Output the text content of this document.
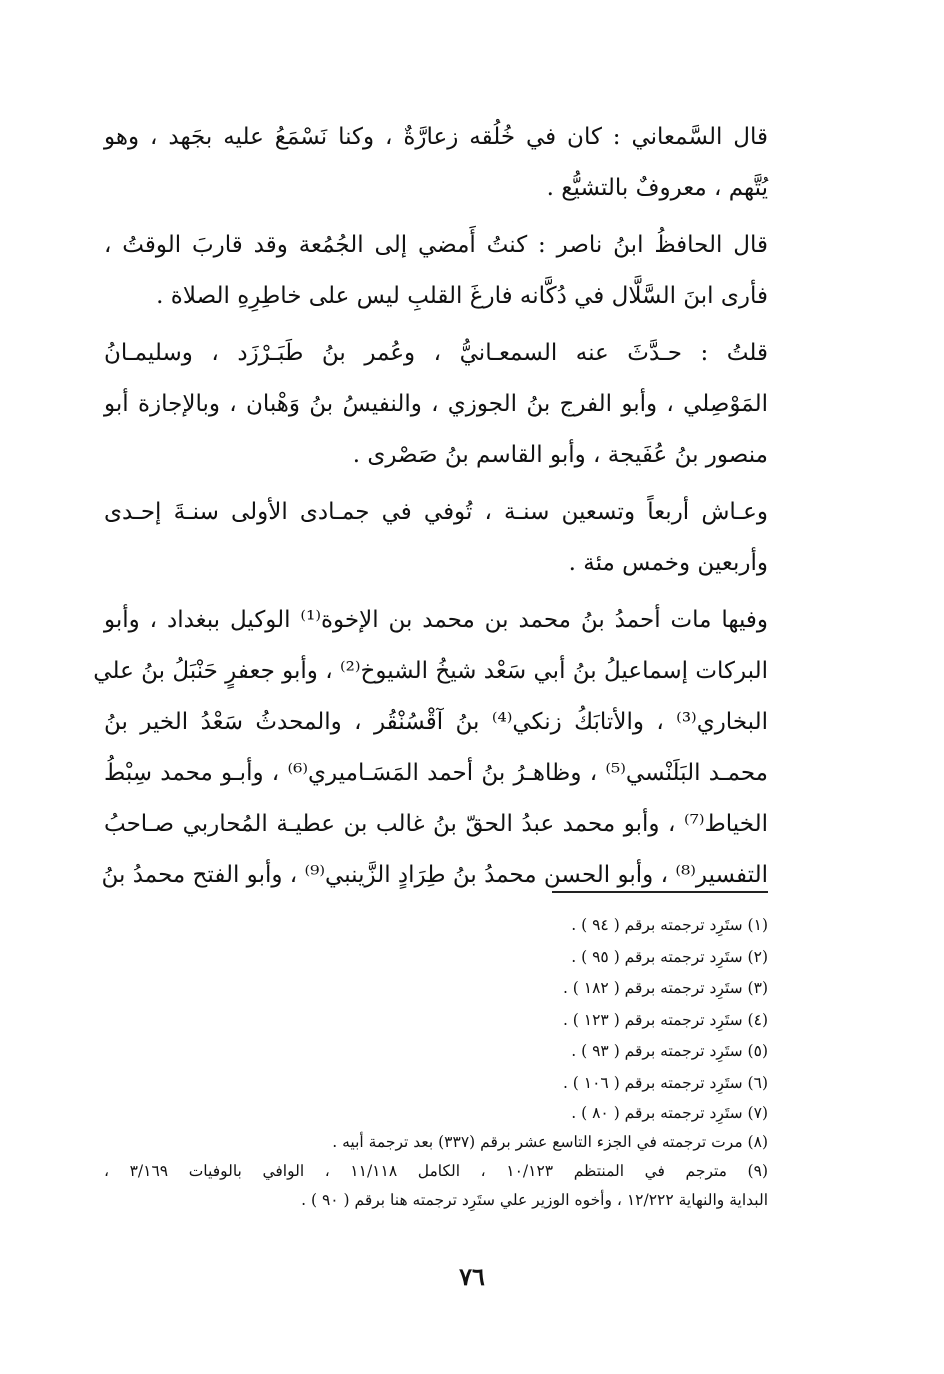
قال السَّمعاني : كان في خُلُقه زعارَّةٌ ، وكنا نَسْمَعُ عليه بجَهد ، وهو
يُتَّهم ، معروفٌ بالتشيُّع .
قال الحافظُ ابنُ ناصر : كنتُ أَمضي إلى الجُمُعة وقد قاربَ الوقتُ ،
فأرى ابنَ السَّلَّال في دُكَّانه فارغَ القلبِ ليس على خاطِرِهِ الصلاة .
قلتُ : حـدَّثَ عنه السمعـانيُّ ، وعُمر بنُ طَبَـرْزَد ، وسليمـانُ
المَوْصِلي ، وأبو الفرج بنُ الجوزي ، والنفيسُ بنُ وَهْبان ، وبالإجازة أبو
منصور بنُ عُفَيجة ، وأبو القاسم بنُ صَصْرى .
وعـاش أربعاً وتسعين سنـة ، تُوفي في جمـادى الأولى سنـةَ إحـدى
وأربعين وخمس مئة .
وفيها مات أحمدُ بنُ محمد بن محمد بن الإخوة⁽¹⁾ الوكيل ببغداد ، وأبو
البركات إسماعيلُ بنُ أبي سَعْد شيخُ الشيوخ⁽²⁾ ، وأبو جعفرٍ حَنْبَلُ بنُ علي
البخاري⁽³⁾ ، والأتابَكُ زنكي⁽⁴⁾ بنُ آقْسُنْقُر ، والمحدثُ سَعْدُ الخير بنُ
محمـد البَلَنْسي⁽⁵⁾ ، وظاهـرُ بنُ أحمد المَسَـاميري⁽⁶⁾ ، وأبـو محمد سِبْطُ
الخياط⁽⁷⁾ ، وأبو محمد عبدُ الحقّ بنُ غالب بن عطيـة المُحاربي صـاحبُ
التفسير⁽⁸⁾ ، وأبو الحسن محمدُ بنُ طِرَادٍ الزَّينبي⁽⁹⁾ ، وأبو الفتح محمدُ بنُ
(١) ستَرِد ترجمته برقم ( ٩٤ ) .
(٢) ستَرِد ترجمته برقم ( ٩٥ ) .
(٣) ستَرِد ترجمته برقم ( ١٨٢ ) .
(٤) ستَرِد ترجمته برقم ( ١٢٣ ) .
(٥) ستَرِد ترجمته برقم ( ٩٣ ) .
(٦) ستَرِد ترجمته برقم ( ١٠٦ ) .
(٧) ستَرِد ترجمته برقم ( ٨٠ ) .
(٨) مرت ترجمته في الجزء التاسع عشر برقم (٣٣٧) بعد ترجمة أبيه .
(٩) مترجم في المنتظم ١٠/١٢٣ ، الكامل ١١/١١٨ ، الوافي بالوفيات ٣/١٦٩ ،
البداية والنهاية ١٢/٢٢٢ ، وأخوه الوزير علي ستَرِد ترجمته هنا برقم ( ٩٠ ) .
٧٦
